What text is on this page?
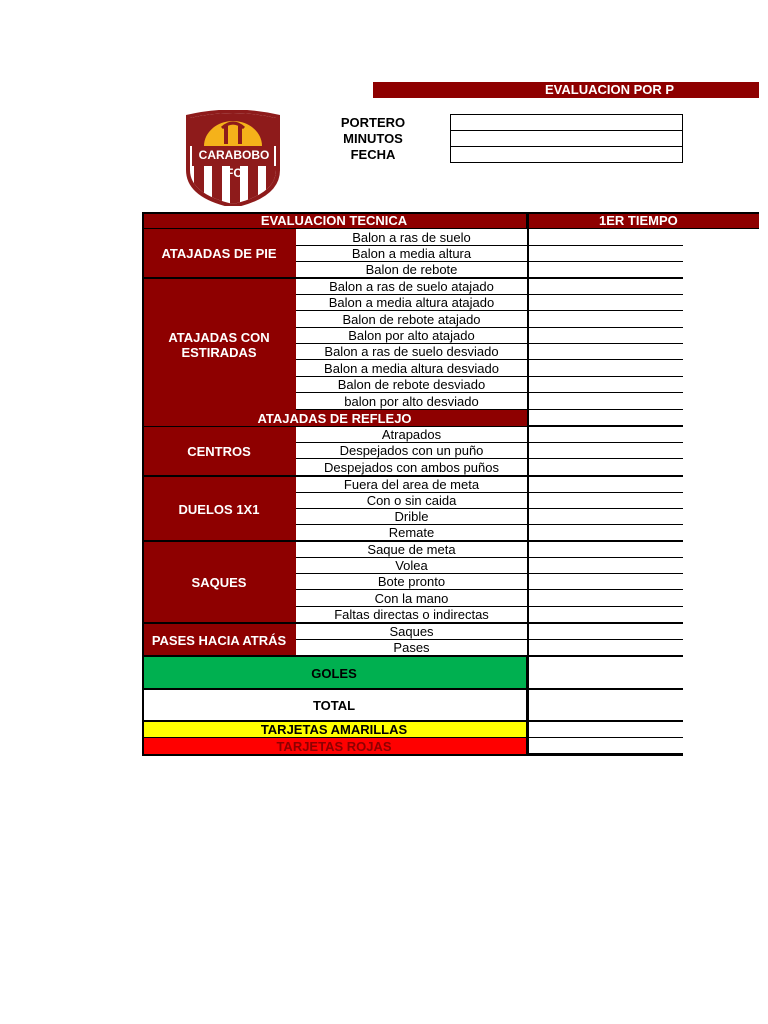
EVALUACION POR P
CARABOBO FC
PORTERO
MINUTOS
FECHA
EVALUACION TECNICA	1ER TIEMPO
ATAJADAS DE PIE
Balon a ras de suelo
Balon a media altura
Balon de rebote
ATAJADAS CON ESTIRADAS
Balon a ras de suelo atajado
Balon a media altura atajado
Balon de rebote atajado
Balon por alto atajado
Balon a ras de suelo desviado
Balon a media altura desviado
Balon de rebote desviado
balon por alto desviado
ATAJADAS DE REFLEJO
CENTROS
Atrapados
Despejados con un puño
Despejados con ambos puños
DUELOS 1X1
Fuera del area de meta
Con o sin caida
Drible
Remate
SAQUES
Saque de meta
Volea
Bote pronto
Con la mano
Faltas directas o indirectas
PASES HACIA ATRÁS
Saques
Pases
GOLES
TOTAL
TARJETAS AMARILLAS
TARJETAS ROJAS
